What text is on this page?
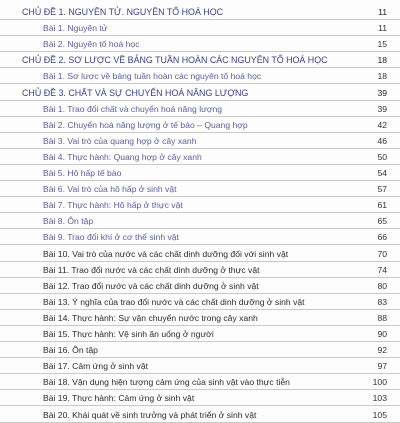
CHỦ ĐỀ 1. NGUYÊN TỬ. NGUYÊN TỐ HOÁ HỌC	11
Bài 1. Nguyên tử	11
Bài 2. Nguyên tố hoá học	15
CHỦ ĐỀ 2. SƠ LƯỢC VỀ BẢNG TUẦN HOÀN CÁC NGUYÊN TỐ HOÁ HỌC	18
Bài 1. Sơ lược về bảng tuần hoàn các nguyên tố hoá học	18
CHỦ ĐỀ 3. CHẤT VÀ SỰ CHUYỂN HOÁ NĂNG LƯỢNG	39
Bài 1. Trao đổi chất và chuyển hoá năng lượng	39
Bài 2. Chuyển hoá năng lượng ở tế bào – Quang hợp	42
Bài 3. Vai trò của quang hợp ở cây xanh	46
Bài 4. Thực hành: Quang hợp ở cây xanh	50
Bài 5. Hô hấp tế bào	54
Bài 6. Vai trò của hô hấp ở sinh vật	57
Bài 7. Thực hành: Hô hấp ở thực vật	61
Bài 8. Ôn tập	65
Bài 9. Trao đổi khí ở cơ thể sinh vật	66
Bài 10. Vai trò của nước và các chất dinh dưỡng đối với sinh vật	70
Bài 11. Trao đổi nước và các chất dinh dưỡng ở thực vật	74
Bài 12. Trao đổi nước và các chất dinh dưỡng ở sinh vật	80
Bài 13. Ý nghĩa của trao đổi nước và các chất dinh dưỡng ở sinh vật	83
Bài 14. Thực hành: Sự vận chuyển nước trong cây xanh	88
Bài 15. Thực hành: Vệ sinh ăn uống ở người	90
Bài 16. Ôn tập	92
Bài 17. Cảm ứng ở sinh vật	97
Bài 18. Vận dụng hiện tượng cảm ứng của sinh vật vào thực tiễn	100
Bài 19. Thực hành: Cảm ứng ở sinh vật	103
Bài 20. Khái quát về sinh trưởng và phát triển ở sinh vật	105
